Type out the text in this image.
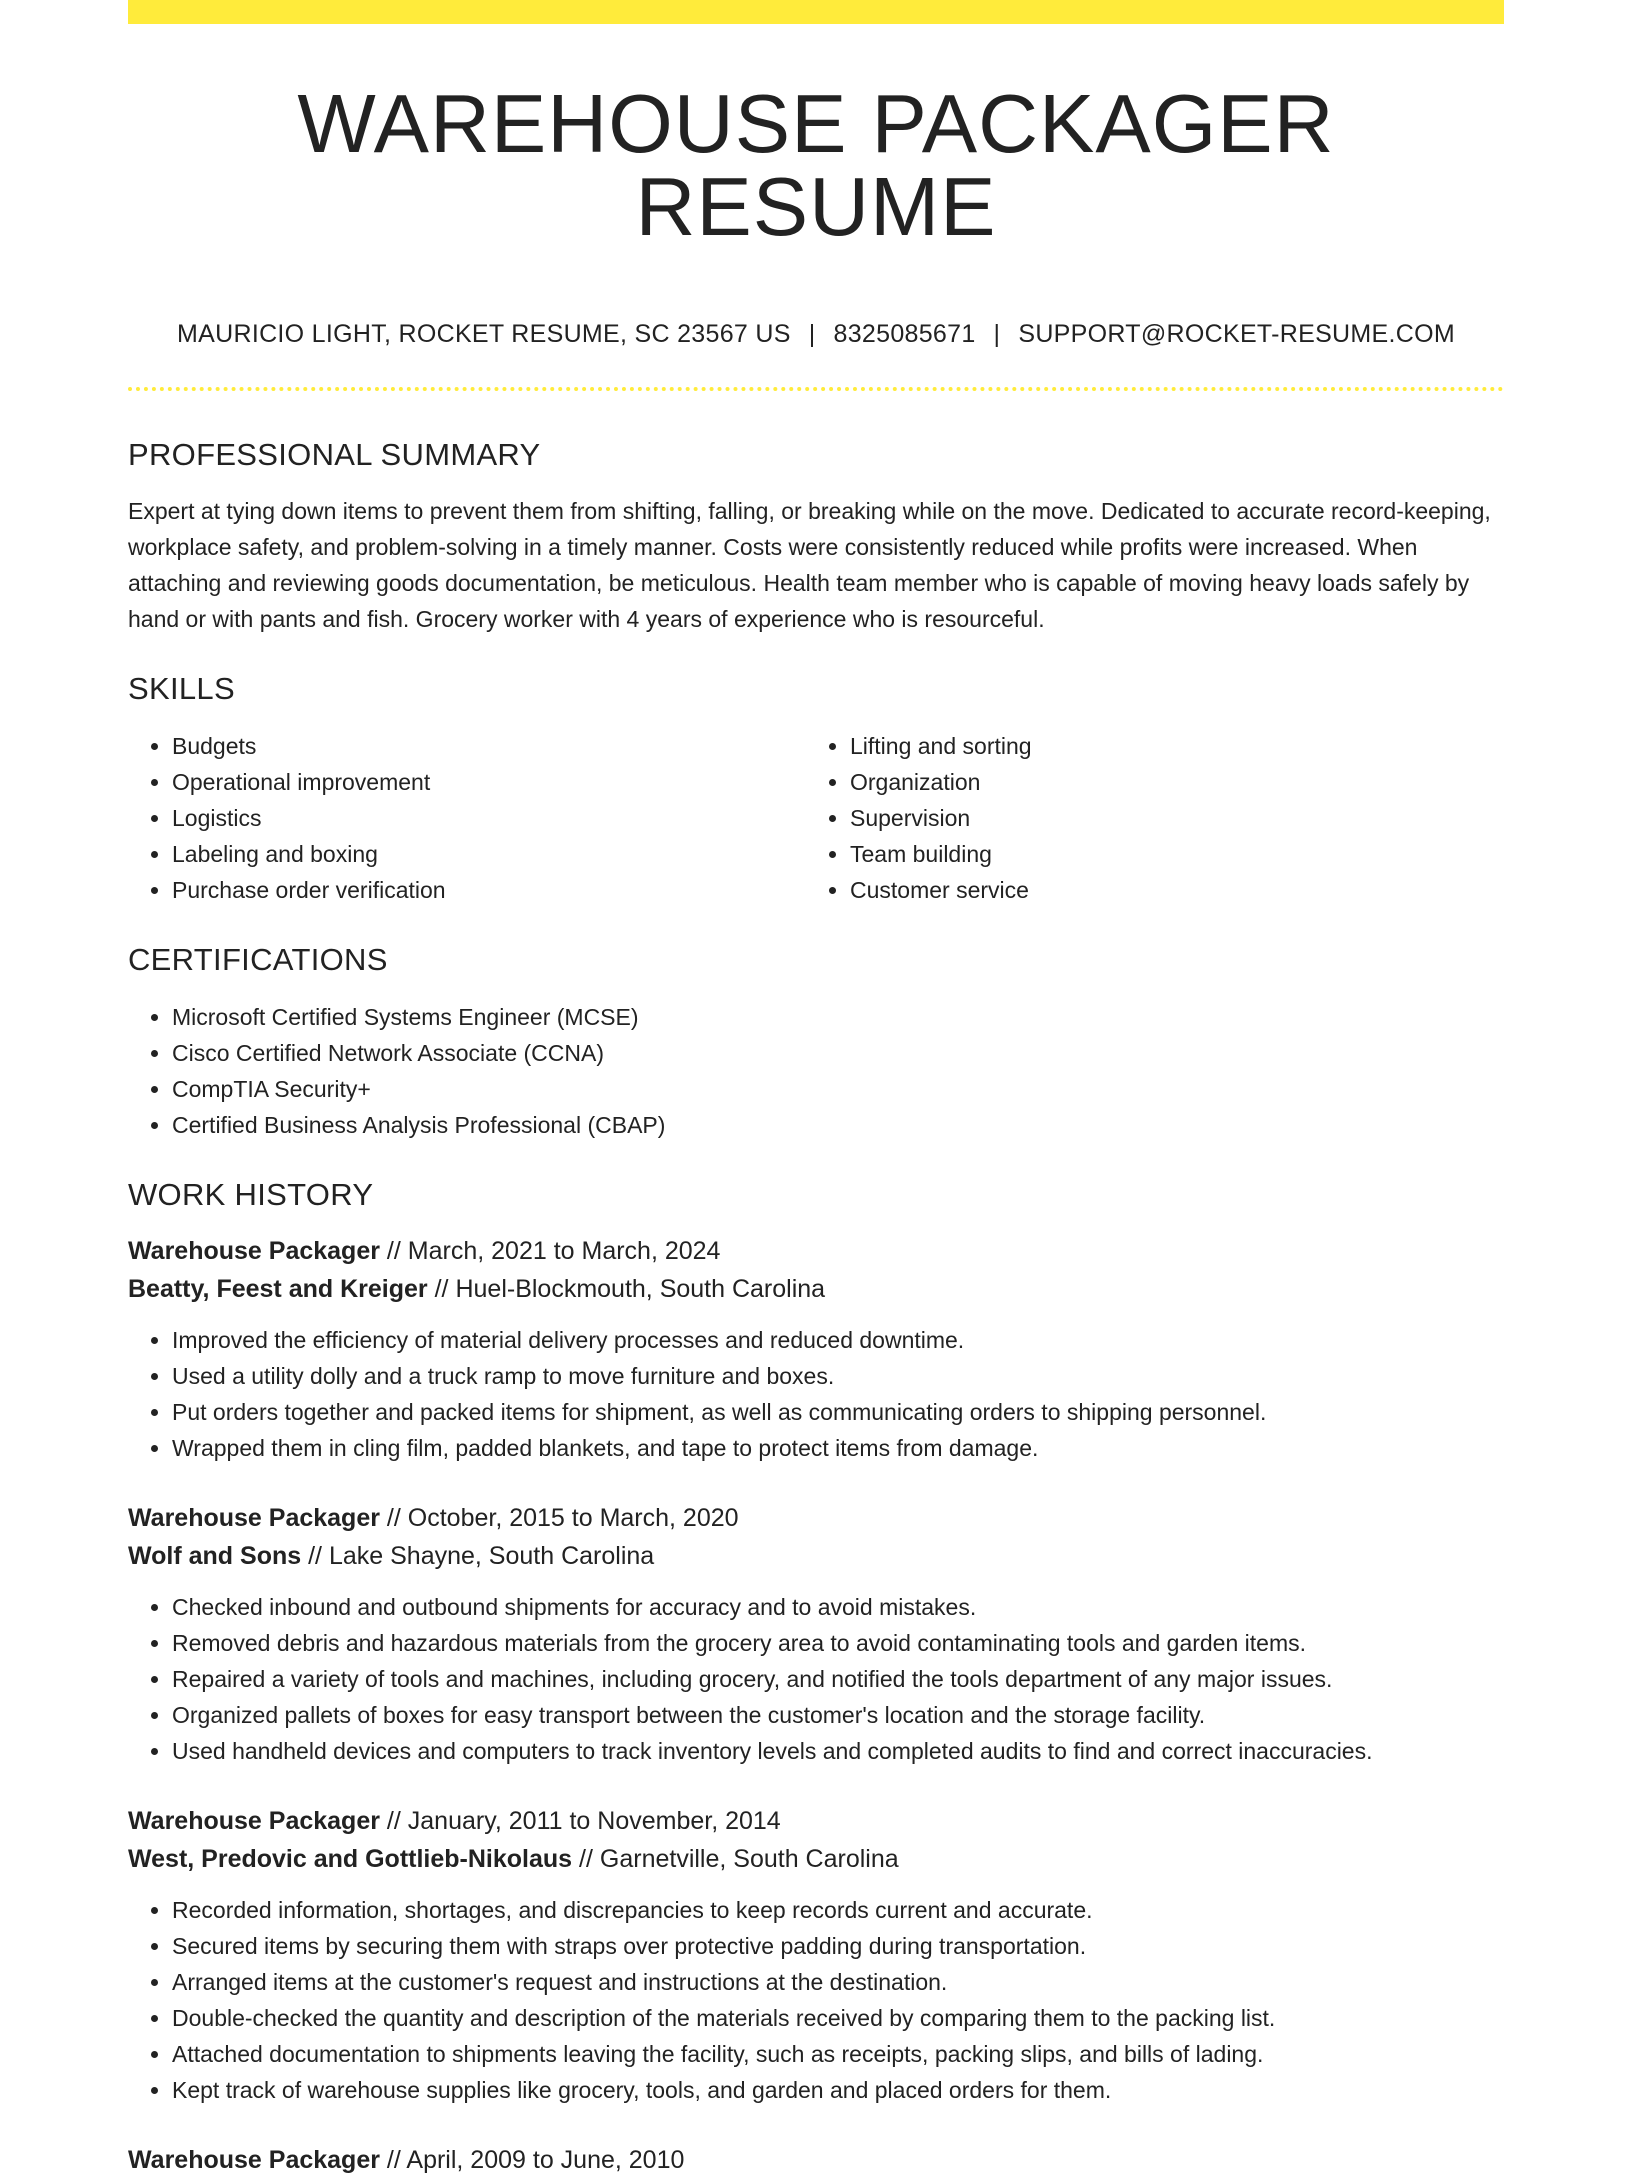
WAREHOUSE PACKAGER RESUME
MAURICIO LIGHT, ROCKET RESUME, SC 23567 US | 8325085671 | SUPPORT@ROCKET-RESUME.COM
PROFESSIONAL SUMMARY

Expert at tying down items to prevent them from shifting, falling, or breaking while on the move. Dedicated to accurate record-keeping, workplace safety, and problem-solving in a timely manner. Costs were consistently reduced while profits were increased. When attaching and reviewing goods documentation, be meticulous. Health team member who is capable of moving heavy loads safely by hand or with pants and fish. Grocery worker with 4 years of experience who is resourceful.

SKILLS
• Budgets
• Operational improvement
• Logistics
• Labeling and boxing
• Purchase order verification
• Lifting and sorting
• Organization
• Supervision
• Team building
• Customer service
CERTIFICATIONS
• Microsoft Certified Systems Engineer (MCSE)
• Cisco Certified Network Associate (CCNA)
• CompTIA Security+
• Certified Business Analysis Professional (CBAP)
WORK HISTORY
Warehouse Packager // March, 2021 to March, 2024
Beatty, Feest and Kreiger // Huel-Blockmouth, South Carolina
• Improved the efficiency of material delivery processes and reduced downtime.
• Used a utility dolly and a truck ramp to move furniture and boxes.
• Put orders together and packed items for shipment, as well as communicating orders to shipping personnel.
• Wrapped them in cling film, padded blankets, and tape to protect items from damage.
Warehouse Packager // October, 2015 to March, 2020
Wolf and Sons // Lake Shayne, South Carolina
• Checked inbound and outbound shipments for accuracy and to avoid mistakes.
• Removed debris and hazardous materials from the grocery area to avoid contaminating tools and garden items.
• Repaired a variety of tools and machines, including grocery, and notified the tools department of any major issues.
• Organized pallets of boxes for easy transport between the customer's location and the storage facility.
• Used handheld devices and computers to track inventory levels and completed audits to find and correct inaccuracies.
Warehouse Packager // January, 2011 to November, 2014
West, Predovic and Gottlieb-Nikolaus // Garnetville, South Carolina
• Recorded information, shortages, and discrepancies to keep records current and accurate.
• Secured items by securing them with straps over protective padding during transportation.
• Arranged items at the customer's request and instructions at the destination.
• Double-checked the quantity and description of the materials received by comparing them to the packing list.
• Attached documentation to shipments leaving the facility, such as receipts, packing slips, and bills of lading.
• Kept track of warehouse supplies like grocery, tools, and garden and placed orders for them.
Warehouse Packager // April, 2009 to June, 2010
